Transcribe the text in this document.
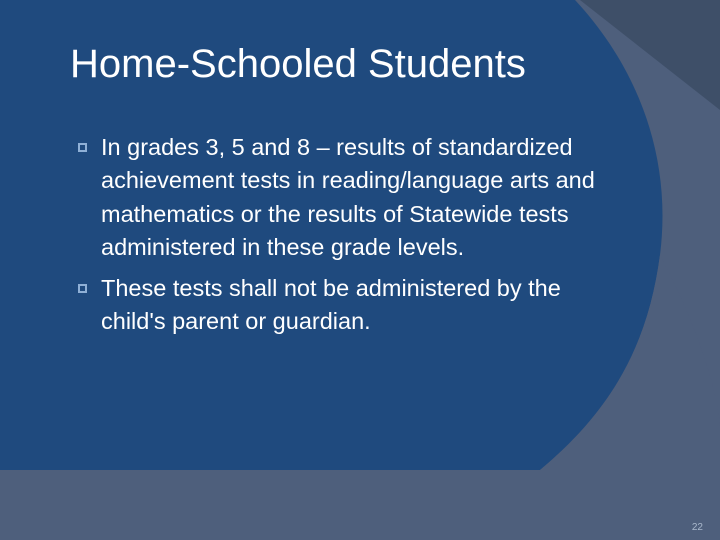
Home-Schooled Students
In grades 3, 5 and 8 – results of standardized achievement tests in reading/language arts and mathematics or the results of Statewide tests administered in these grade levels.
These tests shall not be administered by the child's parent or guardian.
22
